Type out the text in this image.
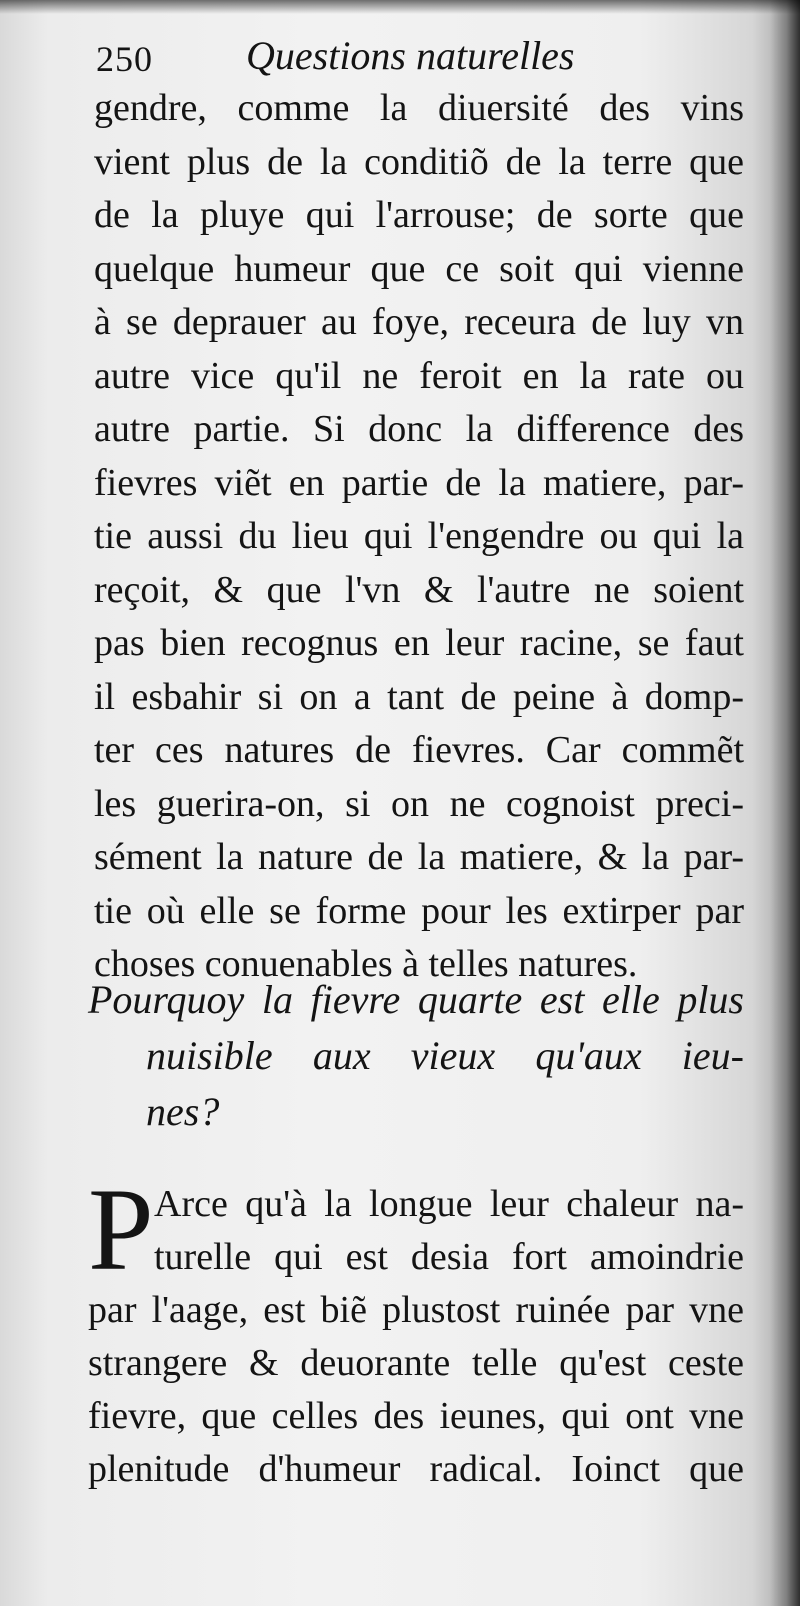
250 Questions naturelles
gendre, comme la diuersité des vins
vient plus de la conditiõ de la terre que
de la pluye qui l'arrouse; de sorte que
quelque humeur que ce soit qui vienne
à se deprauer au foye, receura de luy vn
autre vice qu'il ne feroit en la rate ou
autre partie. Si donc la difference des
fievres viẽt en partie de la matiere, par-
tie aussi du lieu qui l'engendre ou qui la
reçoit, & que l'vn & l'autre ne soient
pas bien recognus en leur racine, se faut
il esbahir si on a tant de peine à domp-
ter ces natures de fievres. Car commẽt
les guerira-on, si on ne cognoist preci-
sément la nature de la matiere, & la par-
tie où elle se forme pour les extirper par
choses conuenables à telles natures.
Pourquoy la fievre quarte est elle plus
nuisible aux vieux qu'aux ieu-
nes?
P Arce qu'à la longue leur chaleur na-
turelle qui est desia fort amoindrie
par l'aage, est biẽ plustost ruinée par vne
strangere & deuorante telle qu'est ceste
fievre, que celles des ieunes, qui ont vne
plenitude d'humeur radical. Ioinct que
